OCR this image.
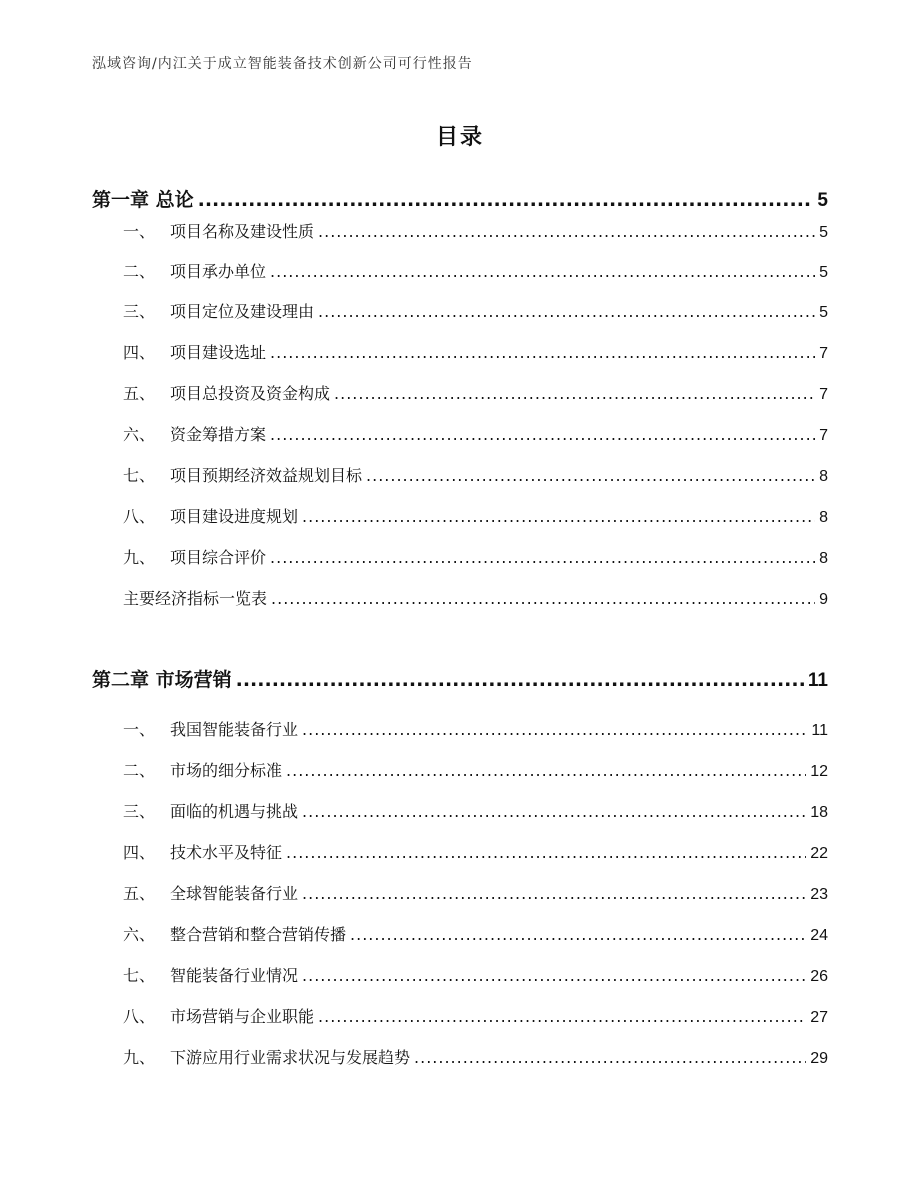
泓域咨询/内江关于成立智能装备技术创新公司可行性报告
目录
第一章 总论 .....	5
一、 项目名称及建设性质 .....	5
二、 项目承办单位 .....	5
三、 项目定位及建设理由 .....	5
四、 项目建设选址 .....	7
五、 项目总投资及资金构成 .....	7
六、 资金筹措方案 .....	7
七、 项目预期经济效益规划目标 .....	8
八、 项目建设进度规划 .....	8
九、 项目综合评价 .....	8
主要经济指标一览表 .....	9
第二章 市场营销 .....	11
一、 我国智能装备行业 .....	11
二、 市场的细分标准 .....	12
三、 面临的机遇与挑战 .....	18
四、 技术水平及特征 .....	22
五、 全球智能装备行业 .....	23
六、 整合营销和整合营销传播 .....	24
七、 智能装备行业情况 .....	26
八、 市场营销与企业职能 .....	27
九、 下游应用行业需求状况与发展趋势 .....	29
